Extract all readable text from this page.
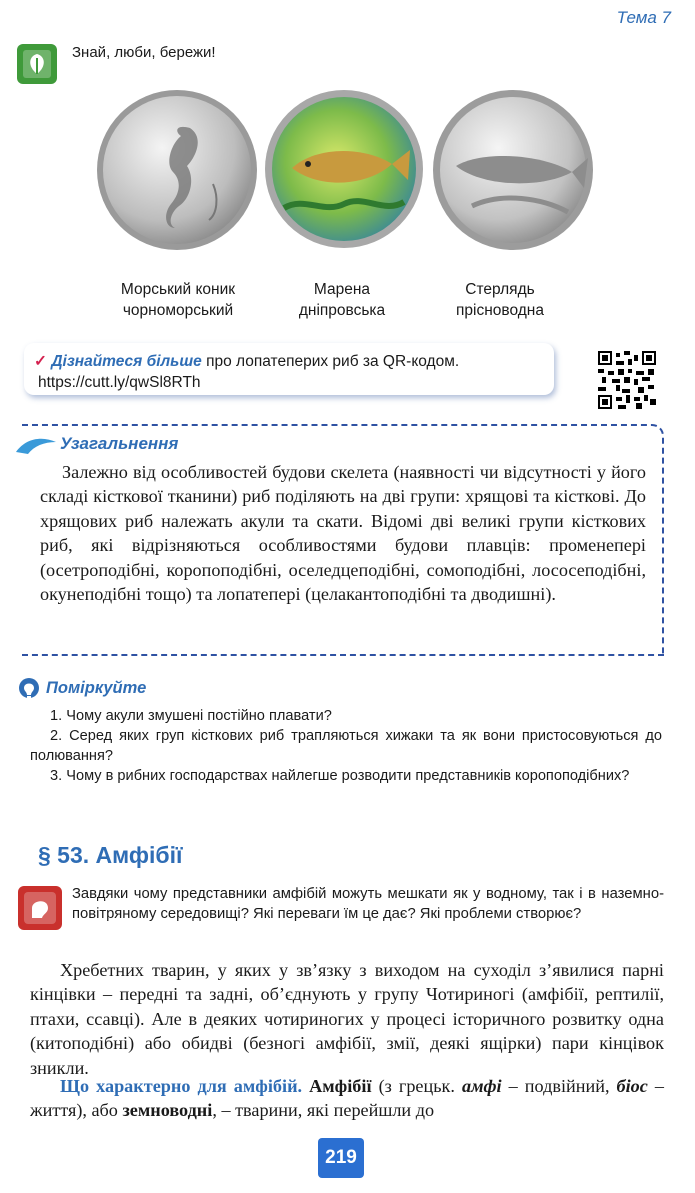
Тема 7
Знай, люби, бережи!
Морський коник
чорноморський
Марена
дніпровська
Стерлядь
прісноводна
✓ Дізнайтеся більше про лопатеперих риб за QR-кодом.
https://cutt.ly/qwSl8RTh
Узагальнення
Залежно від особливостей будови скелета (наявності чи відсутності у його складі кісткової тканини) риб поділяють на дві групи: хрящові та кісткові. До хрящових риб належать акули та скати. Відомі дві великі групи кісткових риб, які відрізняються особливостями будови плавців: променепері (осетроподібні, коропоподібні, оселедцеподібні, сомоподібні, лососеподібні, окунеподібні тощо) та лопатепері (целакантоподібні та дводишні).
Поміркуйте
1. Чому акули змушені постійно плавати?
2. Серед яких груп кісткових риб трапляються хижаки та як вони пристосовуються до полювання?
3. Чому в рибних господарствах найлегше розводити представників коропоподібних?
§ 53. Амфібії
Завдяки чому представники амфібій можуть мешкати як у водному, так і в наземно-повітряному середовищі? Які переваги їм це дає? Які проблеми створює?
Хребетних тварин, у яких у зв’язку з виходом на суходіл з’явилися парні кінцівки – передні та задні, об’єднують у групу Чотириногі (амфібії, рептилії, птахи, ссавці). Але в деяких чотириногих у процесі історичного розвитку одна (китоподібні) або обидві (безногі амфібії, змії, деякі ящірки) пари кінцівок зникли.
Що характерно для амфібій. Амфібії (з грецьк. амфі – подвійний, біос – життя), або земноводні, – тварини, які перейшли до
219
